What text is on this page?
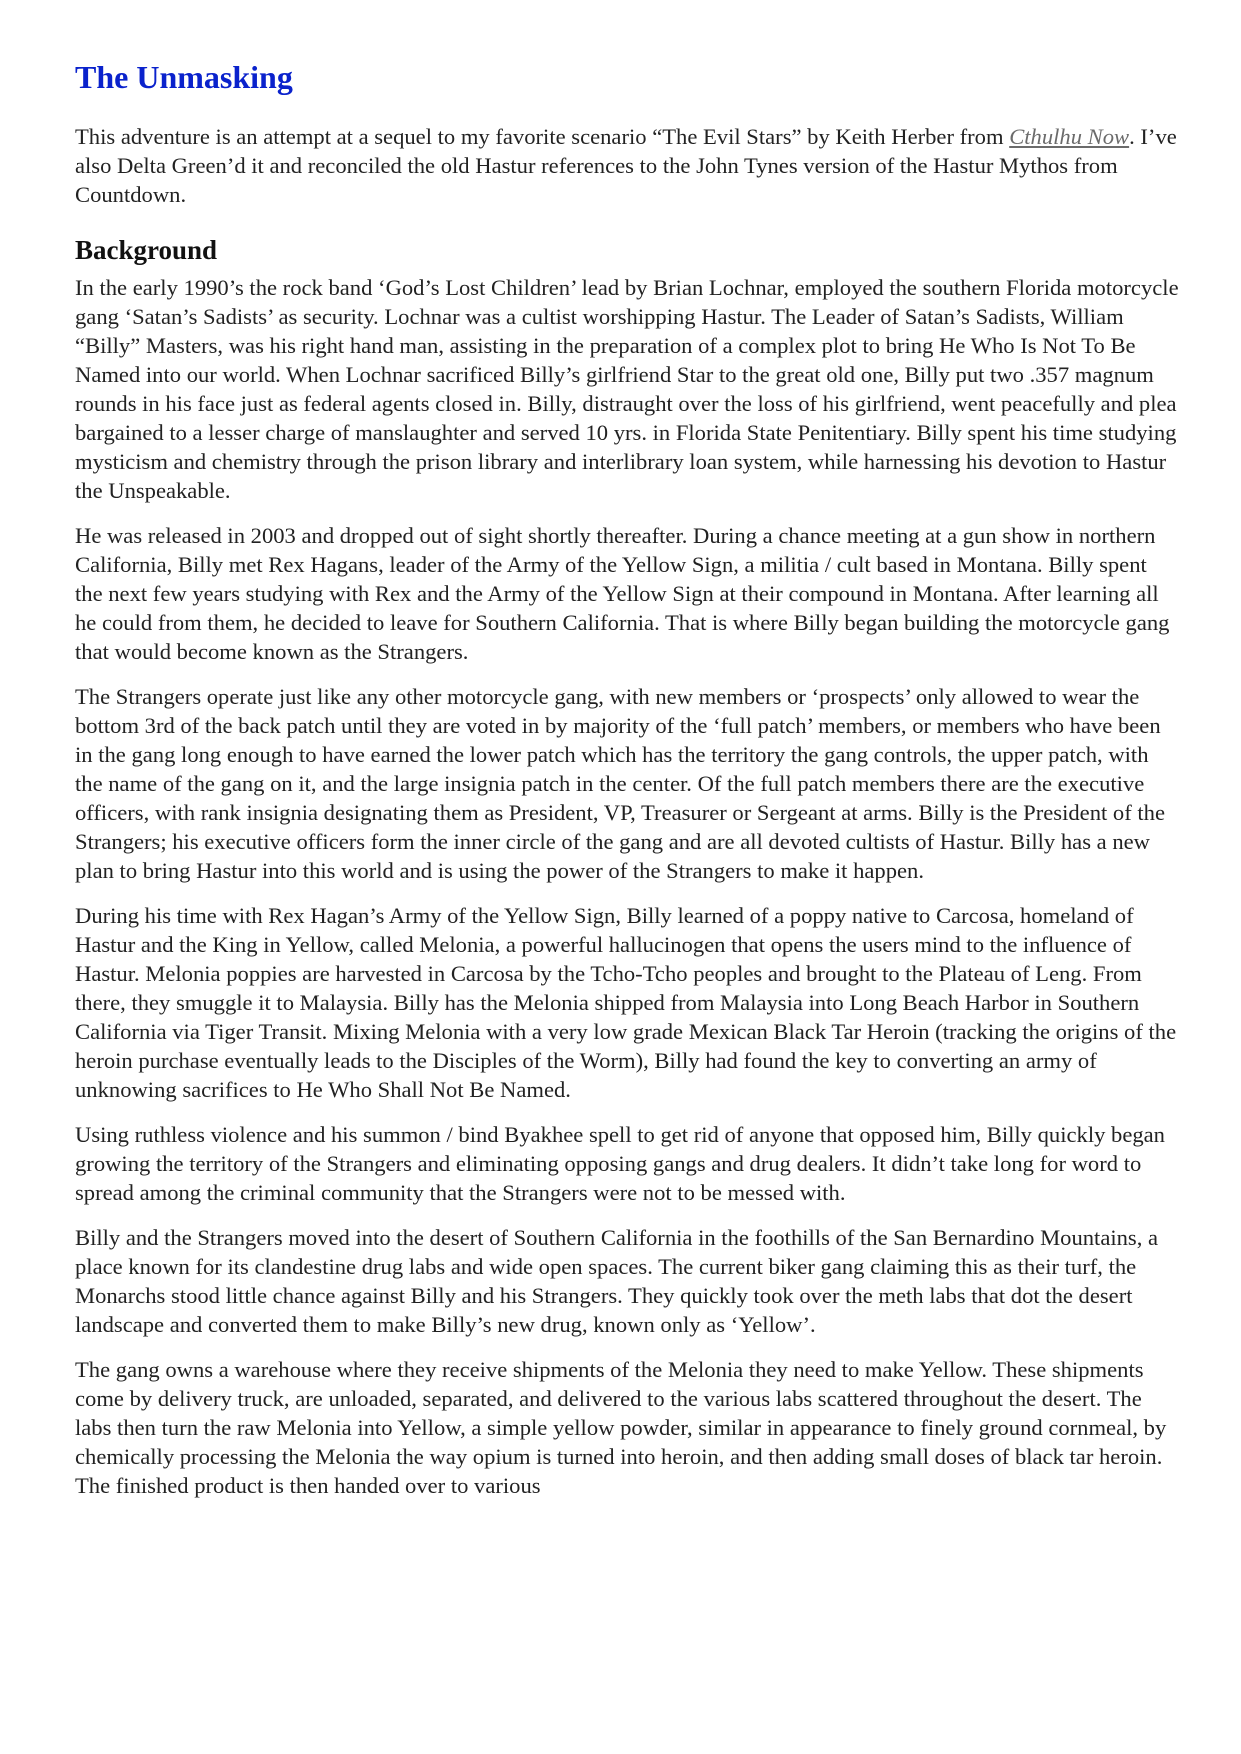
The Unmasking

This adventure is an attempt at a sequel to my favorite scenario “The Evil Stars” by Keith Herber from Cthulhu Now. I’ve also Delta Green’d it and reconciled the old Hastur references to the John Tynes version of the Hastur Mythos from Countdown.

Background

In the early 1990’s the rock band ‘God’s Lost Children’ lead by Brian Lochnar, employed the southern Florida motorcycle gang ‘Satan’s Sadists’ as security. Lochnar was a cultist worshipping Hastur. The Leader of Satan’s Sadists, William “Billy” Masters, was his right hand man, assisting in the preparation of a complex plot to bring He Who Is Not To Be Named into our world. When Lochnar sacrificed Billy’s girlfriend Star to the great old one, Billy put two .357 magnum rounds in his face just as federal agents closed in. Billy, distraught over the loss of his girlfriend, went peacefully and plea bargained to a lesser charge of manslaughter and served 10 yrs. in Florida State Penitentiary. Billy spent his time studying mysticism and chemistry through the prison library and interlibrary loan system, while harnessing his devotion to Hastur the Unspeakable.

He was released in 2003 and dropped out of sight shortly thereafter. During a chance meeting at a gun show in northern California, Billy met Rex Hagans, leader of the Army of the Yellow Sign, a militia / cult based in Montana. Billy spent the next few years studying with Rex and the Army of the Yellow Sign at their compound in Montana. After learning all he could from them, he decided to leave for Southern California. That is where Billy began building the motorcycle gang that would become known as the Strangers.

The Strangers operate just like any other motorcycle gang, with new members or ‘prospects’ only allowed to wear the bottom 3rd of the back patch until they are voted in by majority of the ‘full patch’ members, or members who have been in the gang long enough to have earned the lower patch which has the territory the gang controls, the upper patch, with the name of the gang on it, and the large insignia patch in the center. Of the full patch members there are the executive officers, with rank insignia designating them as President, VP, Treasurer or Sergeant at arms. Billy is the President of the Strangers; his executive officers form the inner circle of the gang and are all devoted cultists of Hastur. Billy has a new plan to bring Hastur into this world and is using the power of the Strangers to make it happen.

During his time with Rex Hagan’s Army of the Yellow Sign, Billy learned of a poppy native to Carcosa, homeland of Hastur and the King in Yellow, called Melonia, a powerful hallucinogen that opens the users mind to the influence of Hastur. Melonia poppies are harvested in Carcosa by the Tcho-Tcho peoples and brought to the Plateau of Leng. From there, they smuggle it to Malaysia. Billy has the Melonia shipped from Malaysia into Long Beach Harbor in Southern California via Tiger Transit. Mixing Melonia with a very low grade Mexican Black Tar Heroin (tracking the origins of the heroin purchase eventually leads to the Disciples of the Worm), Billy had found the key to converting an army of unknowing sacrifices to He Who Shall Not Be Named.

Using ruthless violence and his summon / bind Byakhee spell to get rid of anyone that opposed him, Billy quickly began growing the territory of the Strangers and eliminating opposing gangs and drug dealers. It didn’t take long for word to spread among the criminal community that the Strangers were not to be messed with.

Billy and the Strangers moved into the desert of Southern California in the foothills of the San Bernardino Mountains, a place known for its clandestine drug labs and wide open spaces. The current biker gang claiming this as their turf, the Monarchs stood little chance against Billy and his Strangers. They quickly took over the meth labs that dot the desert landscape and converted them to make Billy’s new drug, known only as ‘Yellow’.

The gang owns a warehouse where they receive shipments of the Melonia they need to make Yellow. These shipments come by delivery truck, are unloaded, separated, and delivered to the various labs scattered throughout the desert. The labs then turn the raw Melonia into Yellow, a simple yellow powder, similar in appearance to finely ground cornmeal, by chemically processing the Melonia the way opium is turned into heroin, and then adding small doses of black tar heroin. The finished product is then handed over to various
